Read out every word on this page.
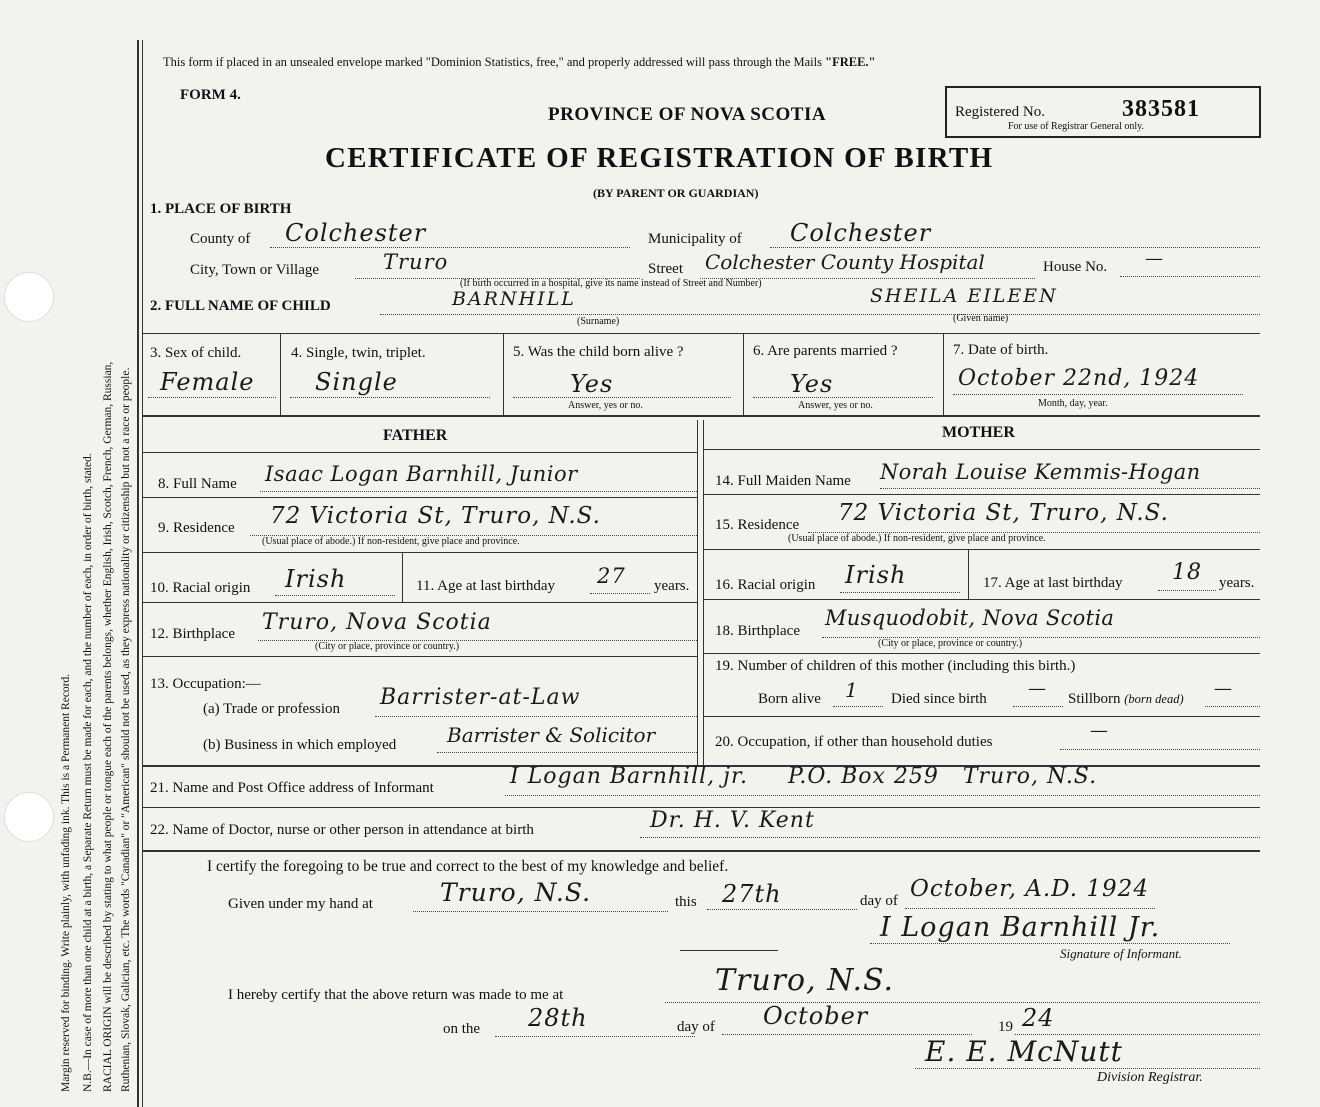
Margin reserved for binding. Write plainly, with unfading ink. This is a Permanent Record. N.B.—In case of more than one child at a birth, a Separate Return must be made for each, and the number of each, in order of birth, stated. RACIAL ORIGIN will be described by stating to what people or tongue each of the parents belongs, whether English, Irish, Scotch, French, German, Russian, Ruthenian, Slovak, Galician, etc. The words "Canadian" or "American" should not be used, as they express nationality or citizenship but not a race or people.
This form if placed in an unsealed envelope marked "Dominion Statistics, free," and properly addressed will pass through the Mails "FREE."
FORM 4.
PROVINCE OF NOVA SCOTIA
CERTIFICATE OF REGISTRATION OF BIRTH
(BY PARENT OR GUARDIAN)
Registered No.	383581
For use of Registrar General only.
1. PLACE OF BIRTH
County of Colchester	Municipality of Colchester
City, Town or Village	Truro	Street Colchester County Hospital	House No. —
(If birth occurred in a hospital, give its name instead of Street and Number)
2. FULL NAME OF CHILD	BARNHILL
(Surname)
SHEILA EILEEN
(Given name)
3. Sex of child.
Female
4. Single, twin, triplet.
Single
5. Was the child born alive ?
Yes
Answer, yes or no.
6. Are parents married ?
Yes
Answer, yes or no.
7. Date of birth.
October 22nd, 1924
Month, day, year.
FATHER	MOTHER
8. Full Name Isaac Logan Barnhill, Junior
9. Residence 72 Victoria St, Truro, N.S.
(Usual place of abode.) If non-resident, give place and province.
10. Racial origin Irish	11. Age at last birthday 27 years.
12. Birthplace Truro, Nova Scotia
(City or place, province or country.)
13. Occupation:—
(a) Trade or profession Barrister-at-Law
(b) Business in which employed	Barrister & Solicitor
14. Full Maiden Name Norah Louise Kemmis-Hogan
15. Residence 72 Victoria St, Truro, N.S.
(Usual place of abode.) If non-resident, give place and province.
16. Racial origin Irish	17. Age at last birthday 18 years.
18. Birthplace
Musquodobit, Nova Scotia
(City or place, province or country.)
19. Number of children of this mother (including this birth.)
Born alive 1 Died since birth — Stillborn (born dead) —
20. Occupation, if other than household duties
—
21. Name and Post Office address of Informant	I Logan Barnhill, jr.     P.O. Box 259   Truro, N.S.
22. Name of Doctor, nurse or other person in attendance at birth	Dr. H. V. Kent
I certify the foregoing to be true and correct to the best of my knowledge and belief.
Given under my hand at	Truro, N.S.	this 27th	day of October, A.D. 1924
I Logan Barnhill Jr.
Signature of Informant.
I hereby certify that the above return was made to me at	Truro, N.S.
on the 28th	day of October	19 24
E. E. McNutt
Division Registrar.
